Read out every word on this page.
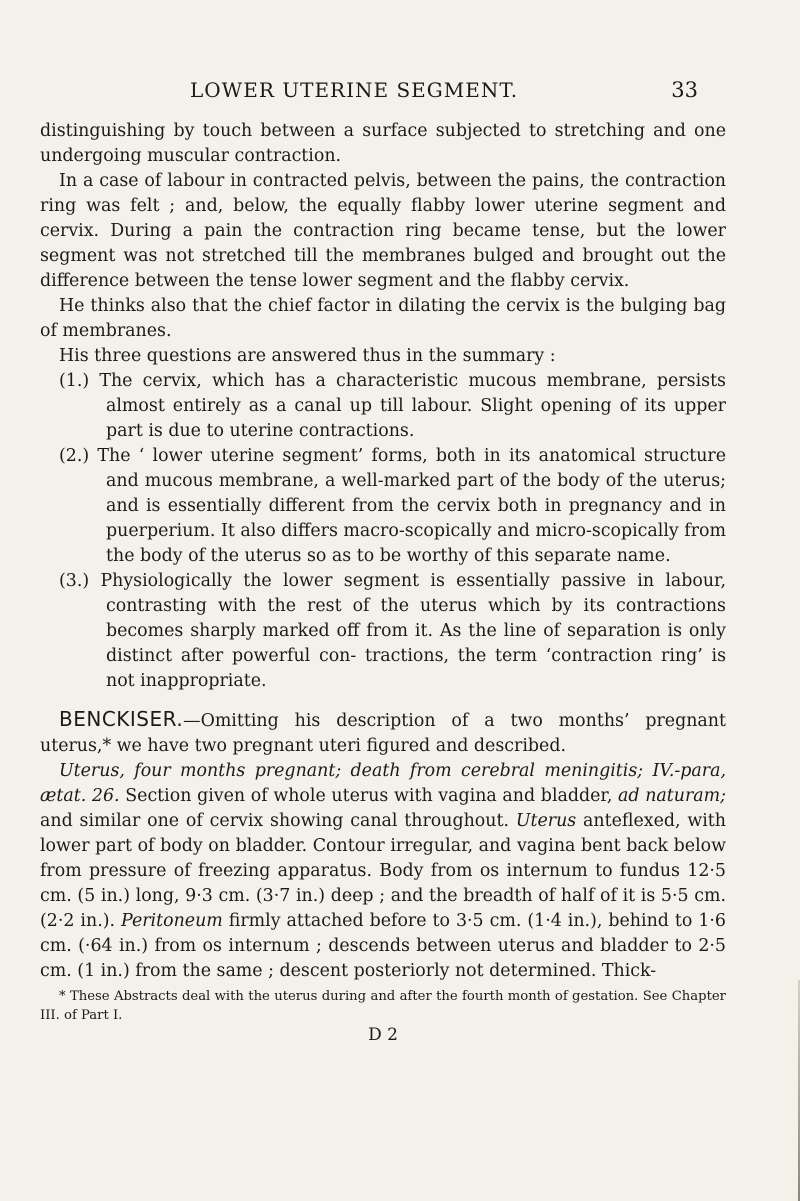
LOWER UTERINE SEGMENT.	33

distinguishing by touch between a surface subjected to stretching and one undergoing muscular contraction.

In a case of labour in contracted pelvis, between the pains, the contraction ring was felt ; and, below, the equally flabby lower uterine segment and cervix. During a pain the contraction ring became tense, but the lower segment was not stretched till the membranes bulged and brought out the difference between the tense lower segment and the flabby cervix.

He thinks also that the chief factor in dilating the cervix is the bulging bag of membranes.

His three questions are answered thus in the summary :

(1.) The cervix, which has a characteristic mucous membrane, persists almost entirely as a canal up till labour. Slight opening of its upper part is due to uterine contractions.

(2.) The ‘ lower uterine segment’ forms, both in its anatomical structure and mucous membrane, a well-marked part of the body of the uterus; and is essentially different from the cervix both in pregnancy and in puerperium. It also differs macro-scopically and micro-scopically from the body of the uterus so as to be worthy of this separate name.

(3.) Physiologically the lower segment is essentially passive in labour, contrasting with the rest of the uterus which by its contractions becomes sharply marked off from it. As the line of separation is only distinct after powerful con- tractions, the term ‘contraction ring’ is not inappropriate.

BENCKISER.—Omitting his description of a two months’ pregnant uterus,* we have two pregnant uteri figured and described.

Uterus, four months pregnant; death from cerebral meningitis; IV.-para, ætat. 26. Section given of whole uterus with vagina and bladder, ad naturam; and similar one of cervix showing canal throughout. Uterus anteflexed, with lower part of body on bladder. Contour irregular, and vagina bent back below from pressure of freezing apparatus. Body from os internum to fundus 12·5 cm. (5 in.) long, 9·3 cm. (3·7 in.) deep ; and the breadth of half of it is 5·5 cm. (2·2 in.). Peritoneum firmly attached before to 3·5 cm. (1·4 in.), behind to 1·6 cm. (·64 in.) from os internum ; descends between uterus and bladder to 2·5 cm. (1 in.) from the same ; descent posteriorly not determined. Thick-

* These Abstracts deal with the uterus during and after the fourth month of gestation. See Chapter III. of Part I.

D 2
